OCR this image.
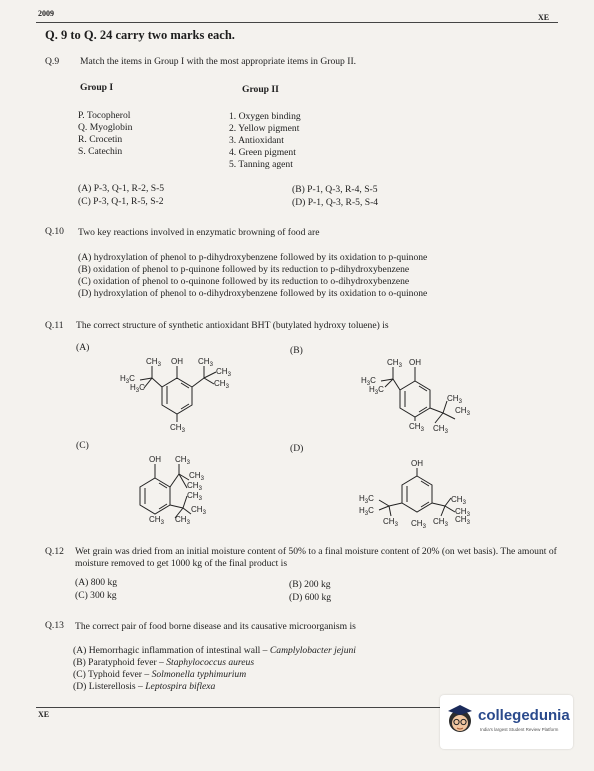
2009	XE
Q. 9 to Q. 24 carry two marks each.
Q.9 Match the items in Group I with the most appropriate items in Group II.
Group I	Group II
P. Tocopherol
Q. Myoglobin
R. Crocetin
S. Catechin
1. Oxygen binding
2. Yellow pigment
3. Antioxidant
4. Green pigment
5. Tanning agent
(A) P-3, Q-1, R-2, S-5	(B) P-1, Q-3, R-4, S-5
(C) P-3, Q-1, R-5, S-2	(D) P-1, Q-3, R-5, S-4
Q.10 Two key reactions involved in enzymatic browning of food are
(A) hydroxylation of phenol to p-dihydroxybenzene followed by its oxidation to p-quinone
(B) oxidation of phenol to p-quinone followed by its reduction to p-dihydroxybenzene
(C) oxidation of phenol to o-quinone followed by its reduction to o-dihydroxybenzene
(D) hydroxylation of phenol to o-dihydroxybenzene followed by its oxidation to o-quinone
Q.11 The correct structure of synthetic antioxidant BHT (butylated hydroxy toluene) is
(A)	(B)
(C)	(D)
$CH_3$ OH $CH_3$
$H_3C$
$H_3C$
$CH_3$
$CH_3$
$CH_3$
$CH_3$ OH
$H_3C$
$H_3C$
$CH_3$
$CH_3$
$CH_3$ $CH_3$
OH $CH_3$
$CH_3$
$CH_3$
$CH_3$
$CH_3$
$CH_3$ $CH_3$
OH
$H_3C$
$H_3C$
$CH_3$ $CH_3$
$CH_3$
$CH_3$
$CH_3$
$CH_3$
Q.12 Wet grain was dried from an initial moisture content of 50% to a final moisture content of 20% (on wet basis). The amount of moisture removed to get 1000 kg of the final product is
(A) 800 kg	(B) 200 kg
(C) 300 kg	(D) 600 kg
Q.13 The correct pair of food borne disease and its causative microorganism is
(A) Hemorrhagic inflammation of intestinal wall – Camplylobacter jejuni
(B) Paratyphoid fever – Staphylococcus aureus
(C) Typhoid fever – Solmonella typhimurium
(D) Listerellosis – Leptospira biflexa
XE	collegedunia
India's largest Student Review Platform
